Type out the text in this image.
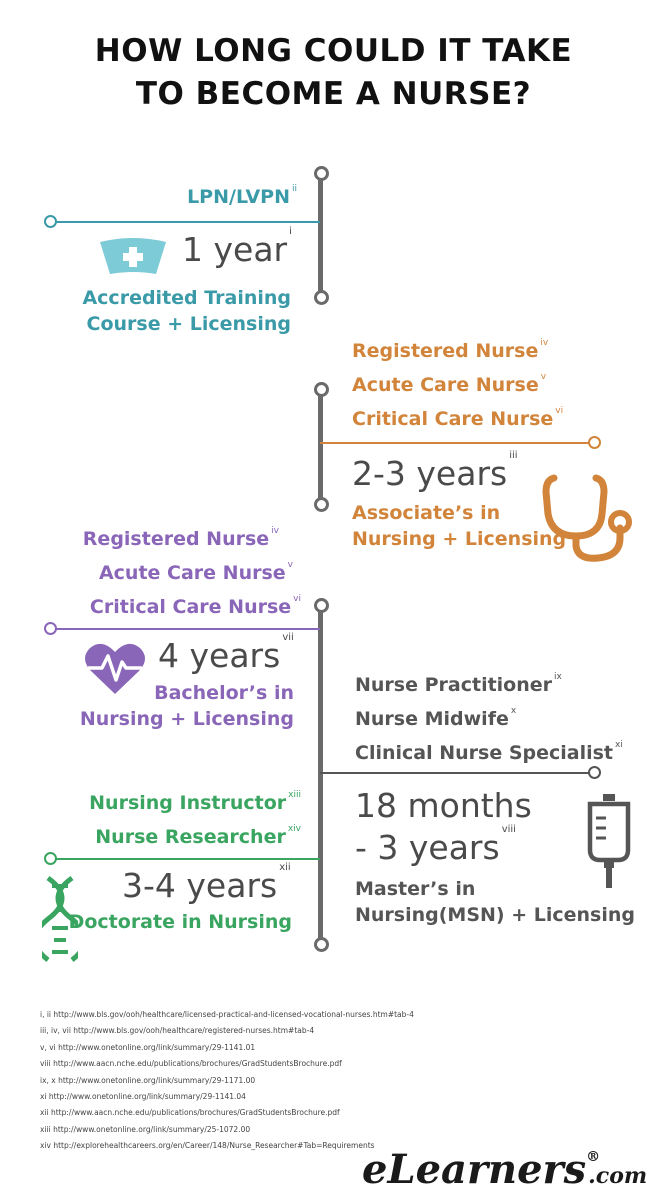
HOW LONG COULD IT TAKE
TO BECOME A NURSE?
LPN/LVPN $^{ii}$
1 year $^i$
Accredited Training
Course + Licensing
Registered Nurse $^{iv}$
Acute Care Nurse $^v$
Critical Care Nurse $^{vi}$
2-3 years $^{iii}$
Associate’s in
Nursing + Licensing
Registered Nurse $^{iv}$
Acute Care Nurse $^v$
Critical Care Nurse $^{vi}$
4 years $^{vii}$
Bachelor’s in
Nursing + Licensing
Nurse Practitioner $^{ix}$
Nurse Midwife $^x$
Clinical Nurse Specialist $^{xi}$
18 months
- 3 years $^{viii}$
Master’s in
Nursing(MSN) + Licensing
Nursing Instructor $^{xiii}$
Nurse Researcher $^{xiv}$
3-4 years $^{xii}$
Doctorate in Nursing
i, ii http://www.bls.gov/ooh/healthcare/licensed-practical-and-licensed-vocational-nurses.htm#tab-4
iii, iv, vii http://www.bls.gov/ooh/healthcare/registered-nurses.htm#tab-4
v, vi http://www.onetonline.org/link/summary/29-1141.01
viii http://www.aacn.nche.edu/publications/brochures/GradStudentsBrochure.pdf
ix, x http://www.onetonline.org/link/summary/29-1171.00
xi http://www.onetonline.org/link/summary/29-1141.04
xii http://www.aacn.nche.edu/publications/brochures/GradStudentsBrochure.pdf
xiii http://www.onetonline.org/link/summary/25-1072.00
xiv http://explorehealthcareers.org/en/Career/148/Nurse_Researcher#Tab=Requirements
eLearners®.com
